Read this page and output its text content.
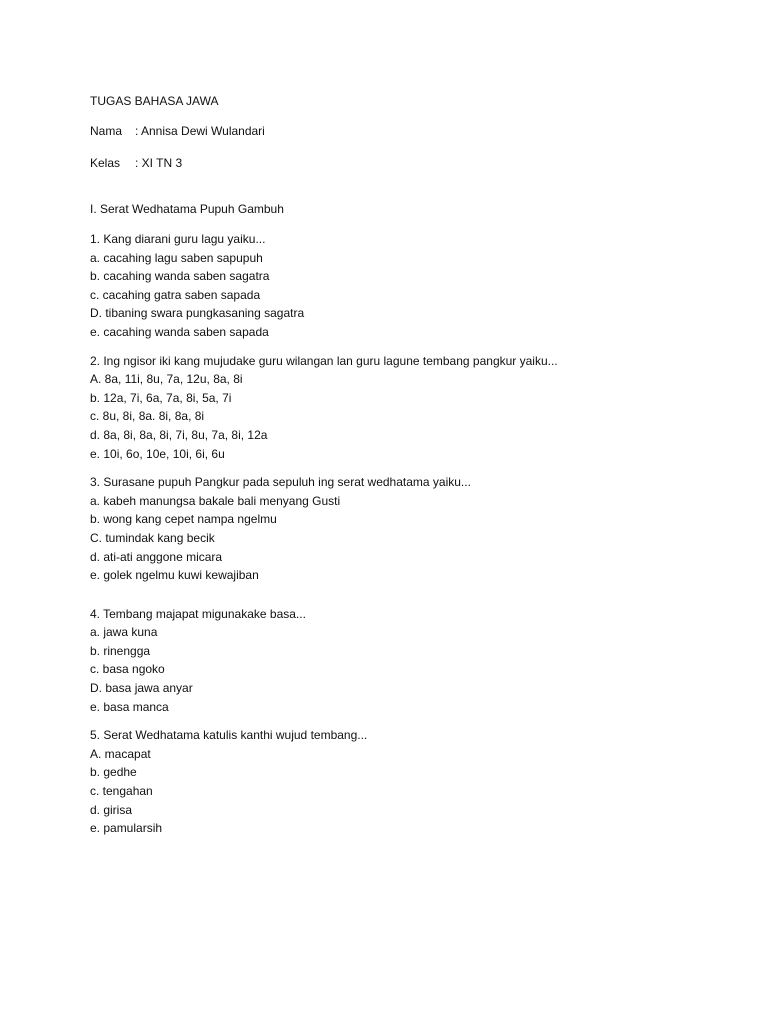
TUGAS BAHASA JAWA
Nama : Annisa Dewi Wulandari
Kelas : XI TN 3
I. Serat Wedhatama Pupuh Gambuh
1. Kang diarani guru lagu yaiku...
a. cacahing lagu saben sapupuh
b. cacahing wanda saben sagatra
c. cacahing gatra saben sapada
D. tibaning swara pungkasaning sagatra
e. cacahing wanda saben sapada
2. Ing ngisor iki kang mujudake guru wilangan lan guru lagune tembang pangkur yaiku...
A. 8a, 11i, 8u, 7a, 12u, 8a, 8i
b. 12a, 7i, 6a, 7a, 8i, 5a, 7i
c. 8u, 8i, 8a. 8i, 8a, 8i
d. 8a, 8i, 8a, 8i, 7i, 8u, 7a, 8i, 12a
e. 10i, 6o, 10e, 10i, 6i, 6u
3. Surasane pupuh Pangkur pada sepuluh ing serat wedhatama yaiku...
a. kabeh manungsa bakale bali menyang Gusti
b. wong kang cepet nampa ngelmu
C. tumindak kang becik
d. ati-ati anggone micara
e. golek ngelmu kuwi kewajiban
4. Tembang majapat migunakake basa...
a. jawa kuna
b. rinengga
c. basa ngoko
D. basa jawa anyar
e. basa manca
5. Serat Wedhatama katulis kanthi wujud tembang...
A. macapat
b. gedhe
c. tengahan
d. girisa
e. pamularsih
